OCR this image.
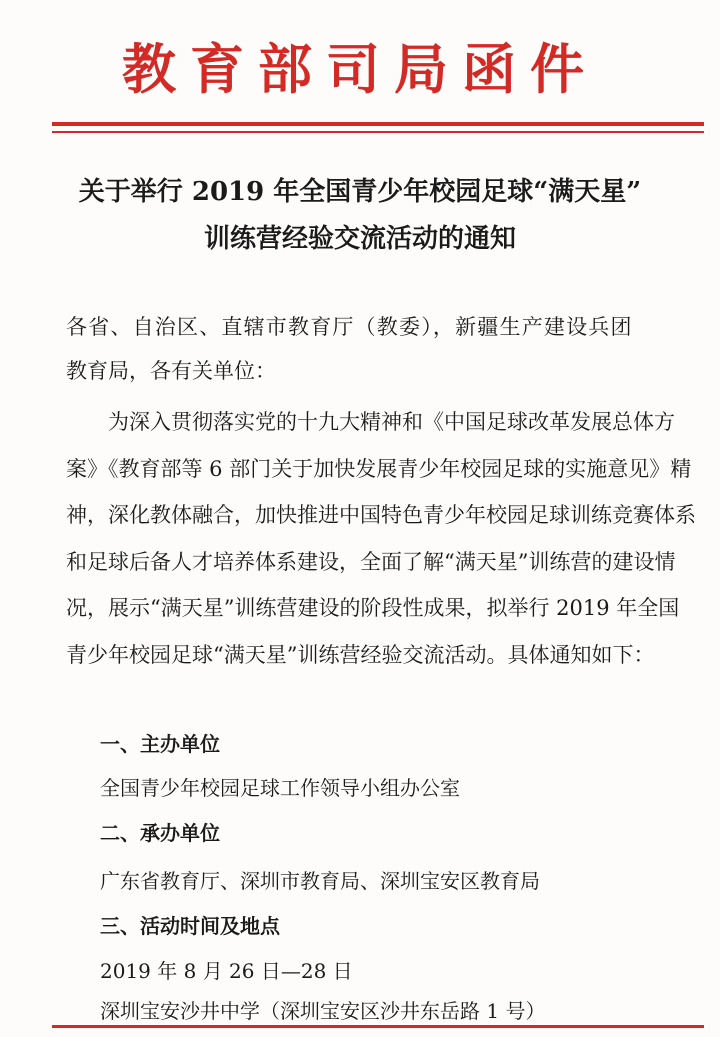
教育部司局函件
关于举行 2019 年全国青少年校园足球“满天星”
训练营经验交流活动的通知
各省、自治区、直辖市教育厅（教委），新疆生产建设兵团
教育局，各有关单位：
为深入贯彻落实党的十九大精神和《中国足球改革发展总体方案》《教育部等 6 部门关于加快发展青少年校园足球的实施意见》精神，深化教体融合，加快推进中国特色青少年校园足球训练竞赛体系和足球后备人才培养体系建设，全面了解“满天星”训练营的建设情况，展示“满天星”训练营建设的阶段性成果，拟举行 2019 年全国青少年校园足球“满天星”训练营经验交流活动。具体通知如下：
一、主办单位
全国青少年校园足球工作领导小组办公室
二、承办单位
广东省教育厅、深圳市教育局、深圳宝安区教育局
三、活动时间及地点
2019 年 8 月 26 日—28 日
深圳宝安沙井中学（深圳宝安区沙井东岳路 1 号）
